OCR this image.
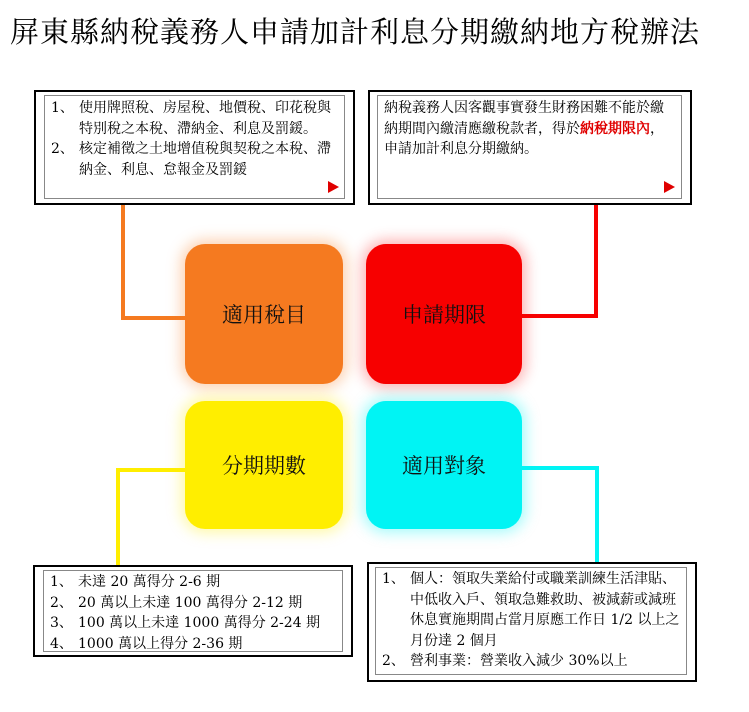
屏東縣納稅義務人申請加計利息分期繳納地方稅辦法
1、 使用牌照稅、房屋稅、地價稅、印花稅與特別稅之本稅、滯納金、利息及罰鍰。
2、 核定補徵之土地增值稅與契稅之本稅、滯納金、利息、怠報金及罰鍰
納稅義務人因客觀事實發生財務困難不能於繳納期間內繳清應繳稅款者，得於納稅期限內，申請加計利息分期繳納。
適用稅目	申請期限
分期期數	適用對象
1、 未達 20 萬得分 2-6 期
2、 20 萬以上未達 100 萬得分 2-12 期
3、 100 萬以上未達 1000 萬得分 2-24 期
4、 1000 萬以上得分 2-36 期
1、 個人：領取失業給付或職業訓練生活津貼、中低收入戶、領取急難救助、被減薪或減班休息實施期間占當月原應工作日 1/2 以上之月份達 2 個月
2、 營利事業：營業收入減少 30%以上
